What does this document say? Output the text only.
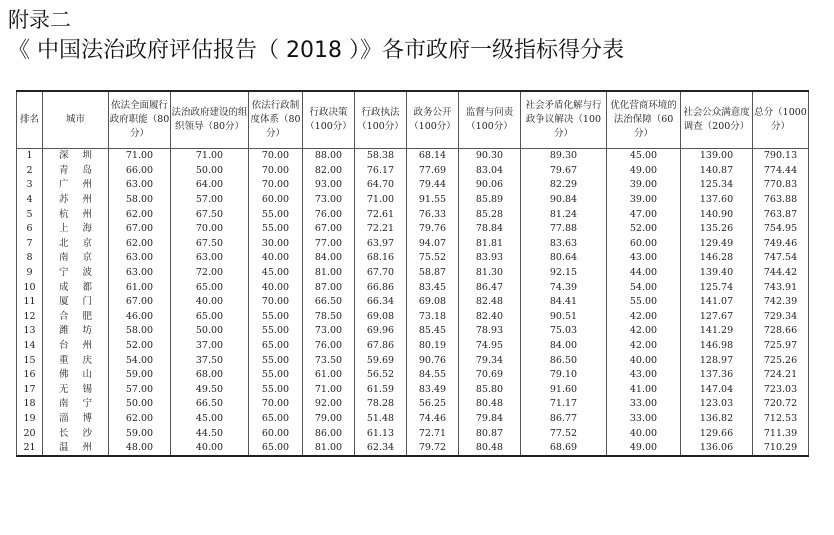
附录二
《 中国法治政府评估报告（ 2018 ）》各市政府一级指标得分表
排名	城市	依法全面履行政府职能（80分）	法治政府建设的组织领导（80分）	依法行政制度体系（80分）	行政决策（100分）	行政执法（100分）	政务公开（100分）	监督与问责（100分）	社会矛盾化解与行政争议解决（100分）	优化营商环境的法治保障（60分）	社会公众满意度调查（200分）	总分（1000分）
1	深圳	71.00	71.00	70.00	88.00	58.38	68.14	90.30	89.30	45.00	139.00	790.13
2	青岛	66.00	50.00	70.00	82.00	76.17	77.69	83.04	79.67	49.00	140.87	774.44
3	广州	63.00	64.00	70.00	93.00	64.70	79.44	90.06	82.29	39.00	125.34	770.83
4	苏州	58.00	57.00	60.00	73.00	71.00	91.55	85.89	90.84	39.00	137.60	763.88
5	杭州	62.00	67.50	55.00	76.00	72.61	76.33	85.28	81.24	47.00	140.90	763.87
6	上海	67.00	70.00	55.00	67.00	72.21	79.76	78.84	77.88	52.00	135.26	754.95
7	北京	62.00	67.50	30.00	77.00	63.97	94.07	81.81	83.63	60.00	129.49	749.46
8	南京	63.00	63.00	40.00	84.00	68.16	75.52	83.93	80.64	43.00	146.28	747.54
9	宁波	63.00	72.00	45.00	81.00	67.70	58.87	81.30	92.15	44.00	139.40	744.42
10	成都	61.00	65.00	40.00	87.00	66.86	83.45	86.47	74.39	54.00	125.74	743.91
11	厦门	67.00	40.00	70.00	66.50	66.34	69.08	82.48	84.41	55.00	141.07	742.39
12	合肥	46.00	65.00	55.00	78.50	69.08	73.18	82.40	90.51	42.00	127.67	729.34
13	潍坊	58.00	50.00	55.00	73.00	69.96	85.45	78.93	75.03	42.00	141.29	728.66
14	台州	52.00	37.00	65.00	76.00	67.86	80.19	74.95	84.00	42.00	146.98	725.97
15	重庆	54.00	37.50	55.00	73.50	59.69	90.76	79.34	86.50	40.00	128.97	725.26
16	佛山	59.00	68.00	55.00	61.00	56.52	84.55	70.69	79.10	43.00	137.36	724.21
17	无锡	57.00	49.50	55.00	71.00	61.59	83.49	85.80	91.60	41.00	147.04	723.03
18	南宁	50.00	66.50	70.00	92.00	78.28	56.25	80.48	71.17	33.00	123.03	720.72
19	淄博	62.00	45.00	65.00	79.00	51.48	74.46	79.84	86.77	33.00	136.82	712.53
20	长沙	59.00	44.50	60.00	86.00	61.13	72.71	80.87	77.52	40.00	129.66	711.39
21	温州	48.00	40.00	65.00	81.00	62.34	79.72	80.48	68.69	49.00	136.06	710.29
